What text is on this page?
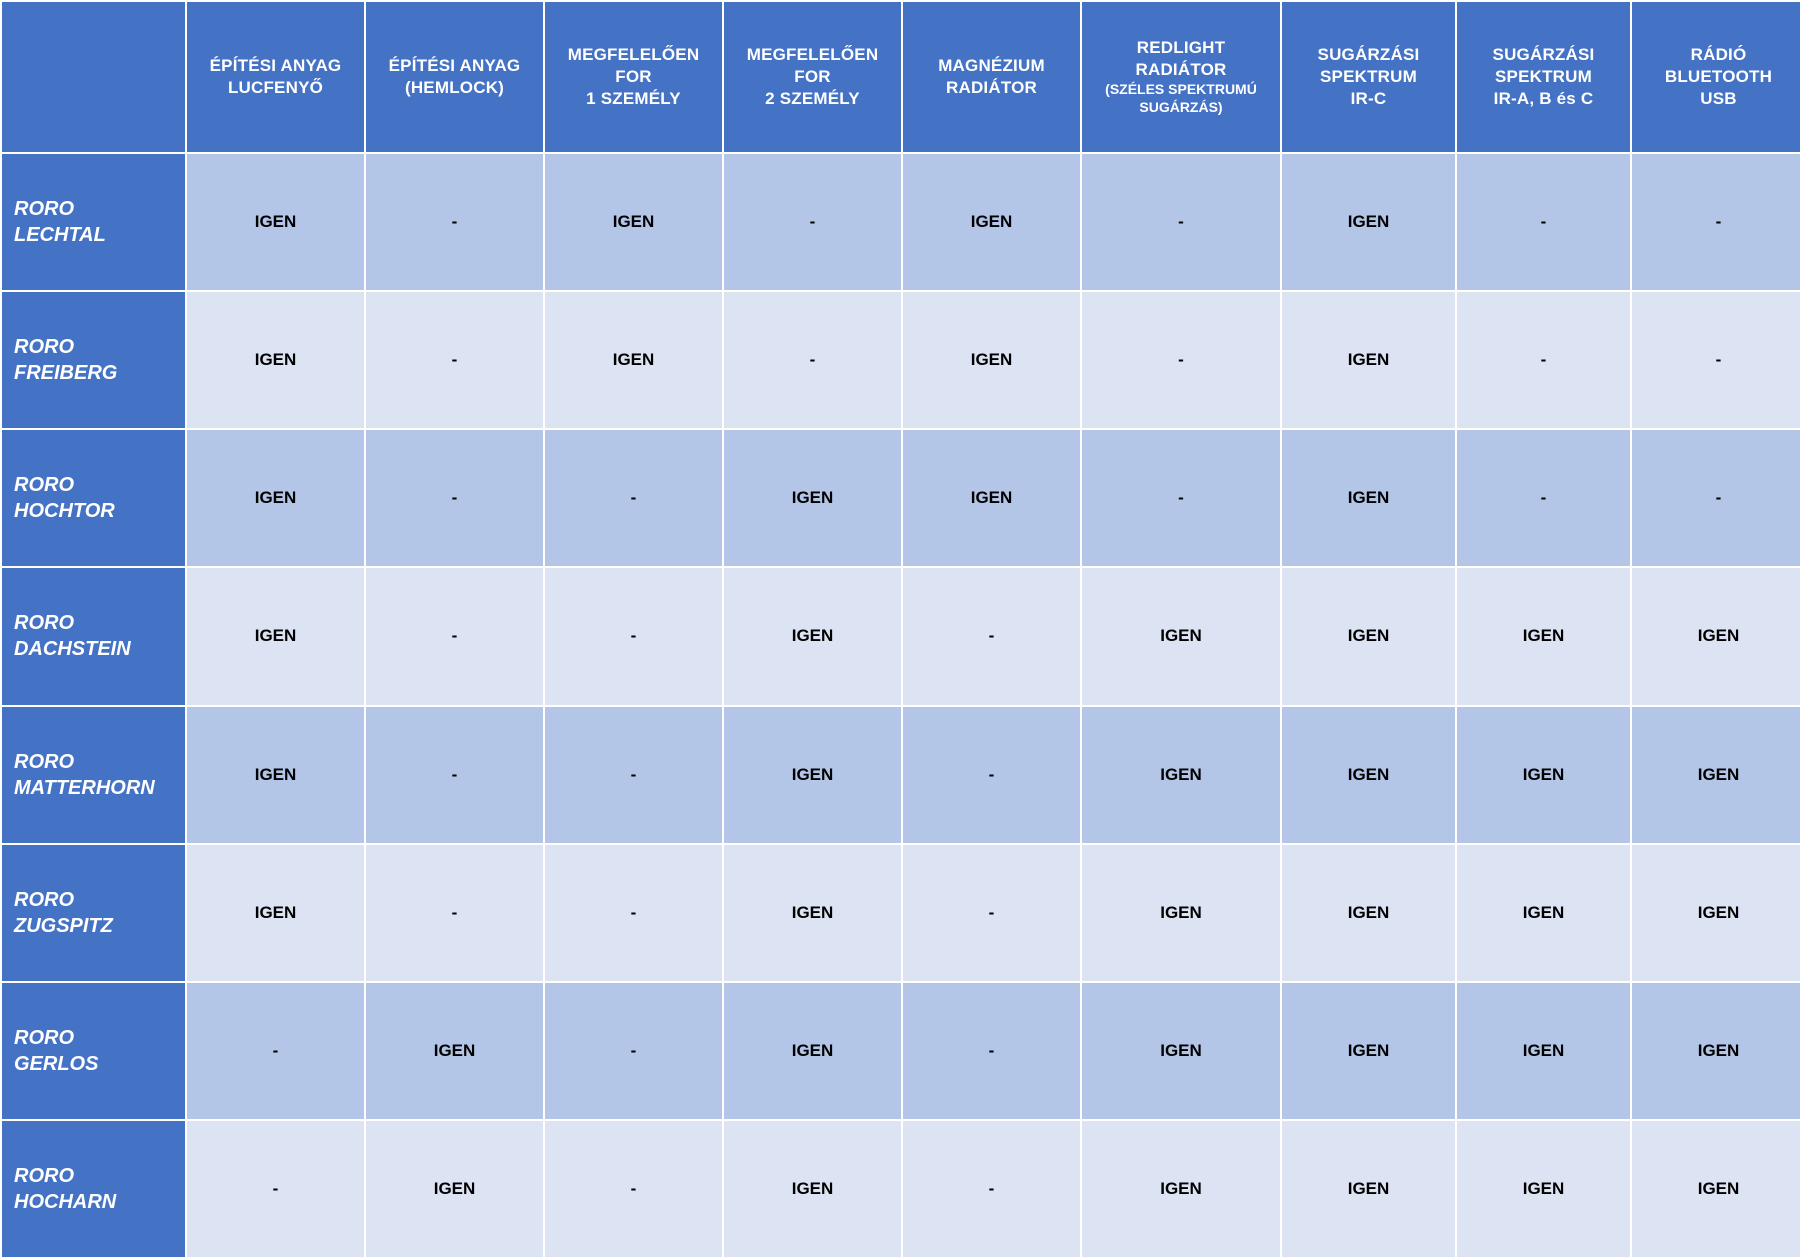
	ÉPÍTÉSI ANYAG
LUCFENYŐ	ÉPÍTÉSI ANYAG
(HEMLOCK)	MEGFELELŐEN
FOR
1 SZEMÉLY	MEGFELELŐEN
FOR
2 SZEMÉLY	MAGNÉZIUM
RADIÁTOR	REDLIGHT
RADIÁTOR
(SZÉLES SPEKTRUMÚ SUGÁRZÁS)	SUGÁRZÁSI
SPEKTRUM
IR-C	SUGÁRZÁSI
SPEKTRUM
IR-A, B és C	RÁDIÓ
BLUETOOTH
USB

RORO
LECHTAL	IGEN	-	IGEN	-	IGEN	-	IGEN	-	-

RORO
FREIBERG	IGEN	-	IGEN	-	IGEN	-	IGEN	-	-

RORO
HOCHTOR	IGEN	-	-	IGEN	IGEN	-	IGEN	-	-

RORO
DACHSTEIN	IGEN	-	-	IGEN	-	IGEN	IGEN	IGEN	IGEN

RORO
MATTERHORN	IGEN	-	-	IGEN	-	IGEN	IGEN	IGEN	IGEN

RORO
ZUGSPITZ	IGEN	-	-	IGEN	-	IGEN	IGEN	IGEN	IGEN

RORO
GERLOS	-	IGEN	-	IGEN	-	IGEN	IGEN	IGEN	IGEN

RORO
HOCHARN	-	IGEN	-	IGEN	-	IGEN	IGEN	IGEN	IGEN
